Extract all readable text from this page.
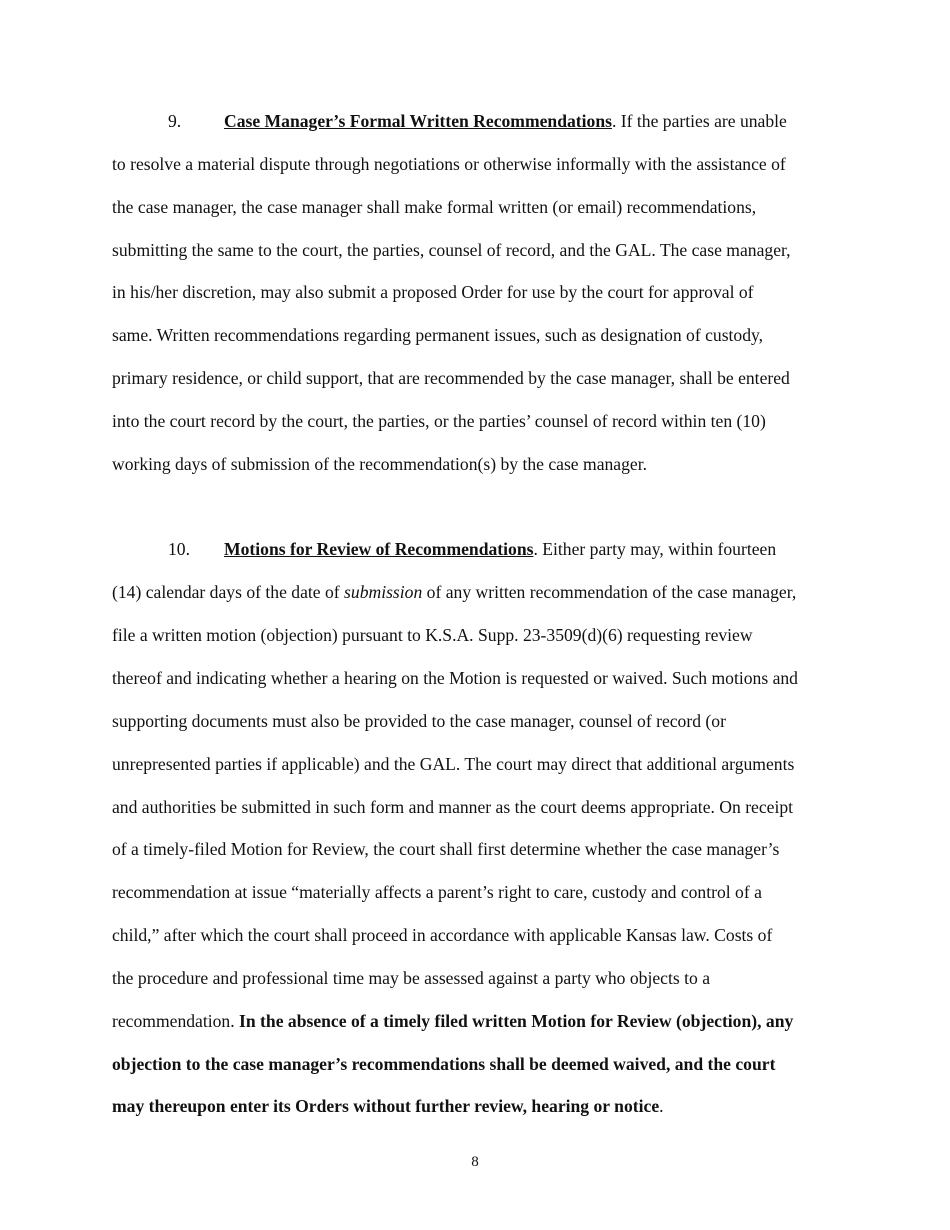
9. Case Manager’s Formal Written Recommendations. If the parties are unable
to resolve a material dispute through negotiations or otherwise informally with the assistance of
the case manager, the case manager shall make formal written (or email) recommendations,
submitting the same to the court, the parties, counsel of record, and the GAL. The case manager,
in his/her discretion, may also submit a proposed Order for use by the court for approval of
same. Written recommendations regarding permanent issues, such as designation of custody,
primary residence, or child support, that are recommended by the case manager, shall be entered
into the court record by the court, the parties, or the parties’ counsel of record within ten (10)
working days of submission of the recommendation(s) by the case manager.
10. Motions for Review of Recommendations. Either party may, within fourteen
(14) calendar days of the date of submission of any written recommendation of the case manager,
file a written motion (objection) pursuant to K.S.A. Supp. 23-3509(d)(6) requesting review
thereof and indicating whether a hearing on the Motion is requested or waived. Such motions and
supporting documents must also be provided to the case manager, counsel of record (or
unrepresented parties if applicable) and the GAL. The court may direct that additional arguments
and authorities be submitted in such form and manner as the court deems appropriate. On receipt
of a timely-filed Motion for Review, the court shall first determine whether the case manager’s
recommendation at issue “materially affects a parent’s right to care, custody and control of a
child,” after which the court shall proceed in accordance with applicable Kansas law. Costs of
the procedure and professional time may be assessed against a party who objects to a
recommendation. In the absence of a timely filed written Motion for Review (objection), any
objection to the case manager’s recommendations shall be deemed waived, and the court
may thereupon enter its Orders without further review, hearing or notice.
8
